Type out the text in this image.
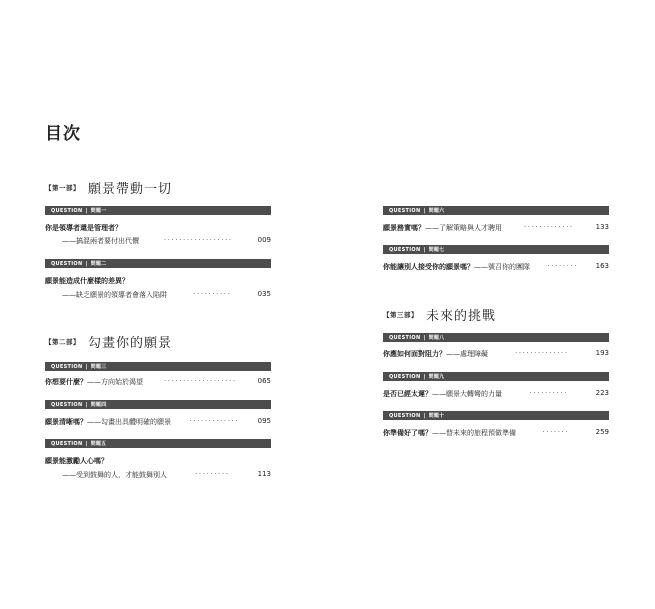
目次
【第一部】 願景帶動一切
QUESTION | 問題一
你是領導者還是管理者？
——搞混兩者要付出代價	··················	009
QUESTION | 問題二
願景能造成什麼樣的差異？
——缺乏願景的領導者會落入陷阱	··········	035
【第二部】 勾畫你的願景
QUESTION | 問題三
你想要什麼？ ——方向始於渴望	···················	065
QUESTION | 問題四
願景清晰嗎？ ——勾畫出具體明確的願景	·············	095
QUESTION | 問題五
願景能激勵人心嗎？
——受到鼓舞的人，才能鼓舞別人	·········	113
QUESTION | 問題六
願景務實嗎？ ——了解策略與人才聘用	·············	133
QUESTION | 問題七
你能讓別人接受你的願景嗎？ ——號召你的團隊	········	163
【第三部】 未來的挑戰
QUESTION | 問題八
你應如何面對阻力？ ——處理障礙	··············	193
QUESTION | 問題九
是否已經太遲？ ——願景大轉彎的力量	··········	223
QUESTION | 問題十
你準備好了嗎？ ——替未來的旅程預做準備	·······	259
